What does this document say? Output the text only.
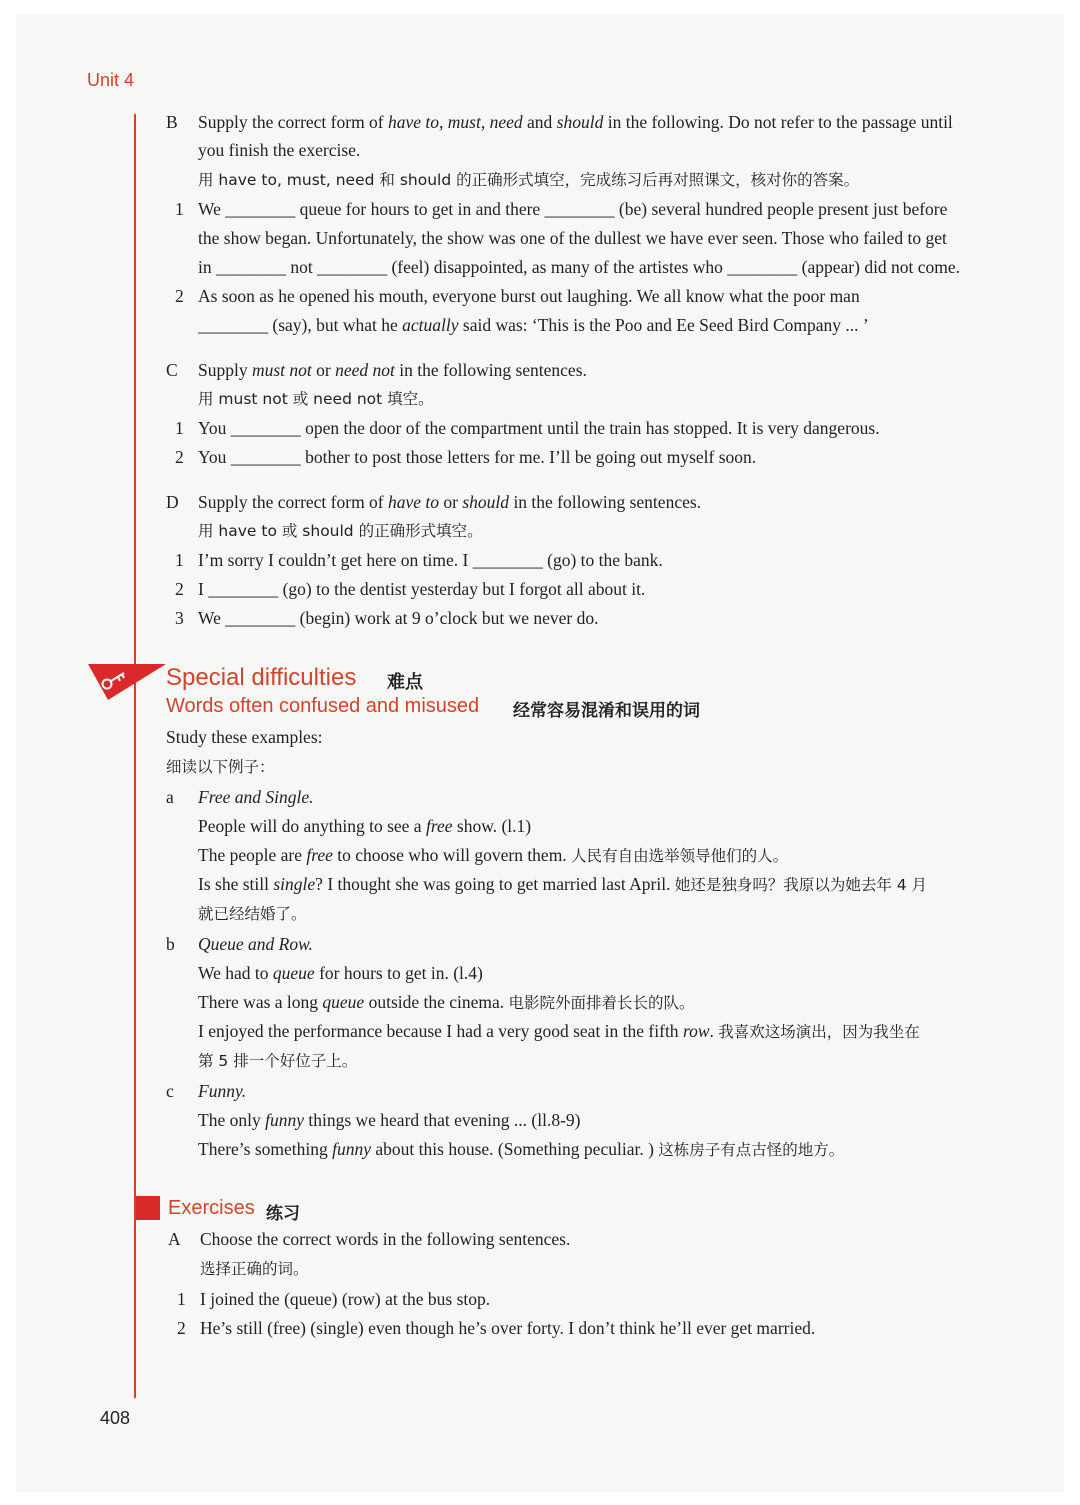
Unit 4
B Supply the correct form of have to, must, need and should in the following. Do not refer to the passage until
you finish the exercise.
用 have to, must, need 和 should 的正确形式填空，完成练习后再对照课文，核对你的答案。
1 We ________ queue for hours to get in and there ________ (be) several hundred people present just before
the show began. Unfortunately, the show was one of the dullest we have ever seen. Those who failed to get
in ________ not ________ (feel) disappointed, as many of the artistes who ________ (appear) did not come.
2 As soon as he opened his mouth, everyone burst out laughing. We all know what the poor man
________ (say), but what he actually said was: ‘This is the Poo and Ee Seed Bird Company ... ’
C Supply must not or need not in the following sentences.
用 must not 或 need not 填空。
1 You ________ open the door of the compartment until the train has stopped. It is very dangerous.
2 You ________ bother to post those letters for me. I’ll be going out myself soon.
D Supply the correct form of have to or should in the following sentences.
用 have to 或 should 的正确形式填空。
1 I’m sorry I couldn’t get here on time. I ________ (go) to the bank.
2 I ________ (go) to the dentist yesterday but I forgot all about it.
3 We ________ (begin) work at 9 o’clock but we never do.
Special difficulties 难点
Words often confused and misused 经常容易混淆和误用的词
Study these examples:
细读以下例子：
a Free and Single.
People will do anything to see a free show. (l.1)
The people are free to choose who will govern them. 人民有自由选举领导他们的人。
Is she still single? I thought she was going to get married last April. 她还是独身吗？我原以为她去年 4 月
就已经结婚了。
b Queue and Row.
We had to queue for hours to get in. (l.4)
There was a long queue outside the cinema. 电影院外面排着长长的队。
I enjoyed the performance because I had a very good seat in the fifth row. 我喜欢这场演出，因为我坐在
第 5 排一个好位子上。
c Funny.
The only funny things we heard that evening ... (ll.8-9)
There’s something funny about this house. (Something peculiar. ) 这栋房子有点古怪的地方。
Exercises 练习
A Choose the correct words in the following sentences.
选择正确的词。
1 I joined the (queue) (row) at the bus stop.
2 He’s still (free) (single) even though he’s over forty. I don’t think he’ll ever get married.
408
